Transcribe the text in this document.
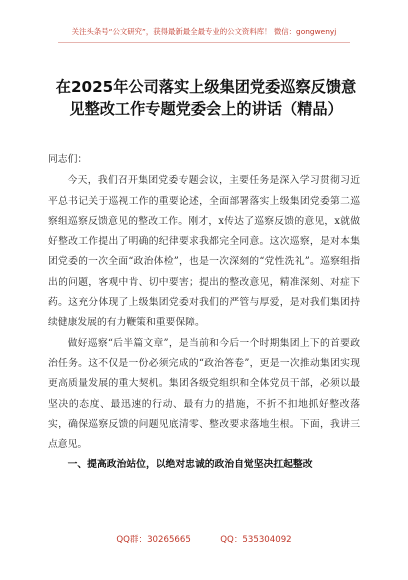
关注头条号“公文研究”，获得最新最全最专业的公文资料库！ 微信：gongwenyj
在2025年公司落实上级集团党委巡察反馈意
见整改工作专题党委会上的讲话（精品）

同志们：

今天，我们召开集团党委专题会议，主要任务是深入学习贯彻习近平总书记关于巡视工作的重要论述，全面部署落实上级集团党委第二巡察组巡察反馈意见的整改工作。刚才，x传达了巡察反馈的意见，x就做好整改工作提出了明确的纪律要求我都完全同意。这次巡察，是对本集团党委的一次全面“政治体检”，也是一次深刻的“党性洗礼”。巡察组指出的问题，客观中肯、切中要害；提出的整改意见，精准深刻、对症下药。这充分体现了上级集团党委对我们的严管与厚爱，是对我们集团持续健康发展的有力鞭策和重要保障。

做好巡察“后半篇文章”，是当前和今后一个时期集团上下的首要政治任务。这不仅是一份必须完成的“政治答卷”，更是一次推动集团实现更高质量发展的重大契机。集团各级党组织和全体党员干部，必须以最坚决的态度、最迅速的行动、最有力的措施，不折不扣地抓好整改落实，确保巡察反馈的问题见底清零、整改要求落地生根。下面，我讲三点意见。

一、提高政治站位，以绝对忠诚的政治自觉坚决扛起整改

QQ群：30265665	QQ：535304092
